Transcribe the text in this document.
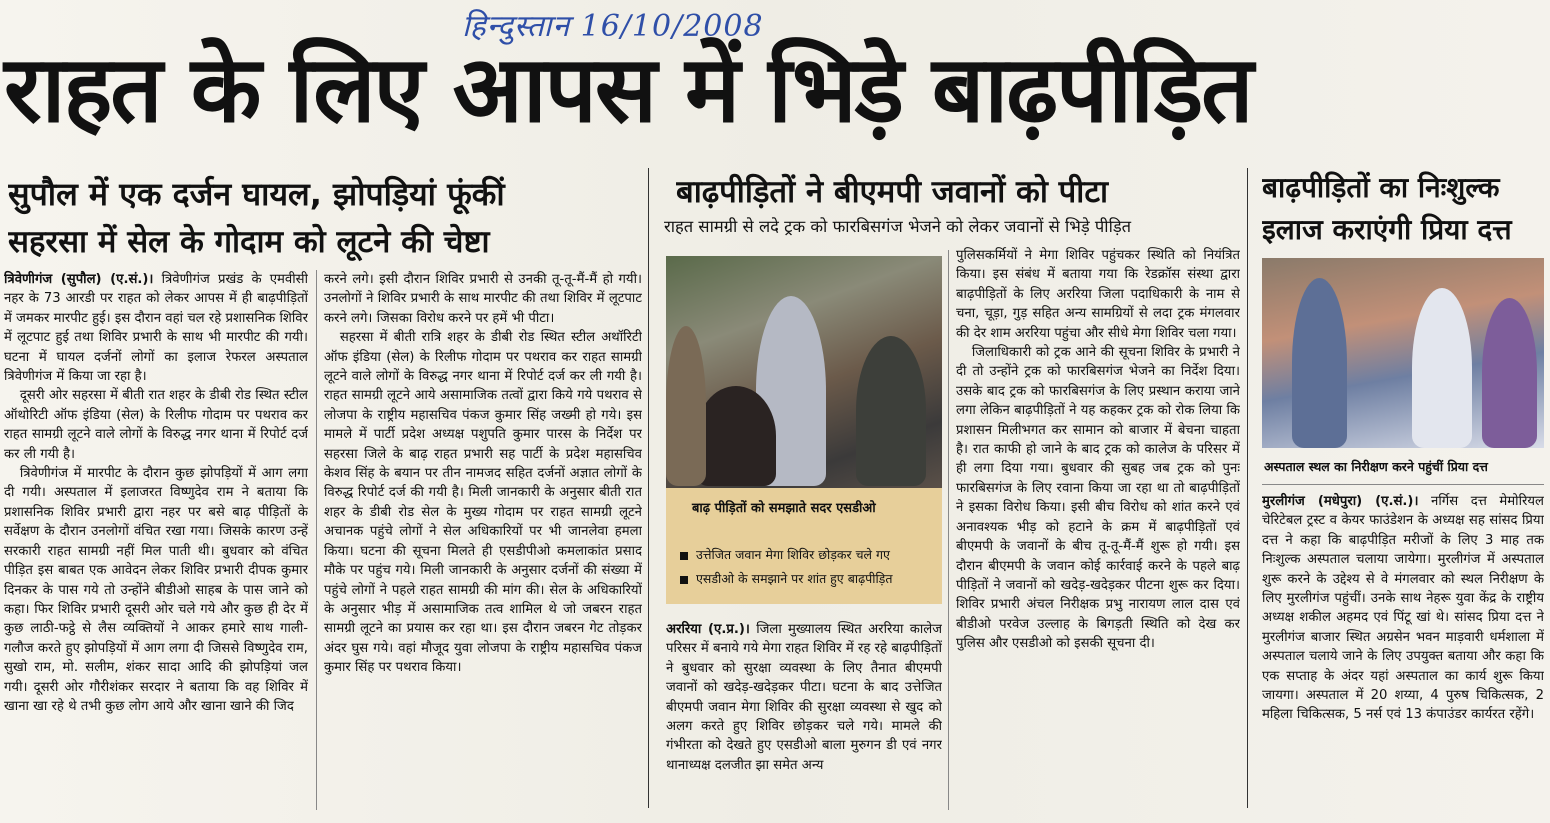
हिन्दुस्तान 16/10/2008
राहत के लिए आपस में भिड़े बाढ़पीड़ित
सुपौल में एक दर्जन घायल, झोपड़ियां फूंकीं
सहरसा में सेल के गोदाम को लूटने की चेष्टा

त्रिवेणीगंज (सुपौल) (ए.सं.)। त्रिवेणीगंज प्रखंड के एमवीसी नहर के 73 आरडी पर राहत को लेकर आपस में ही बाढ़पीड़ितों में जमकर मारपीट हुई। इस दौरान वहां चल रहे प्रशासनिक शिविर में लूटपाट हुई तथा शिविर प्रभारी के साथ भी मारपीट की गयी। घटना में घायल दर्जनों लोगों का इलाज रेफरल अस्पताल त्रिवेणीगंज में किया जा रहा है।

दूसरी ओर सहरसा में बीती रात शहर के डीबी रोड स्थित स्टील ऑथोरिटी ऑफ इंडिया (सेल) के रिलीफ गोदाम पर पथराव कर राहत सामग्री लूटने वाले लोगों के विरुद्ध नगर थाना में रिपोर्ट दर्ज कर ली गयी है।

त्रिवेणीगंज में मारपीट के दौरान कुछ झोपड़ियों में आग लगा दी गयी। अस्पताल में इलाजरत विष्णुदेव राम ने बताया कि प्रशासनिक शिविर प्रभारी द्वारा नहर पर बसे बाढ़ पीड़ितों के सर्वेक्षण के दौरान उनलोगों वंचित रखा गया। जिसके कारण उन्हें सरकारी राहत सामग्री नहीं मिल पाती थी। बुधवार को वंचित पीड़ित इस बाबत एक आवेदन लेकर शिविर प्रभारी दीपक कुमार दिनकर के पास गये तो उन्होंने बीडीओ साहब के पास जाने को कहा। फिर शिविर प्रभारी दूसरी ओर चले गये और कुछ ही देर में कुछ लाठी-फट्ठे से लैस व्यक्तियों ने आकर हमारे साथ गाली-गलौज करते हुए झोपड़ियों में आग लगा दी जिससे विष्णुदेव राम, सुखो राम, मो. सलीम, शंकर सादा आदि की झोपड़ियां जल गयी। दूसरी ओर गौरीशंकर सरदार ने बताया कि वह शिविर में खाना खा रहे थे तभी कुछ लोग आये और खाना खाने की जिद

करने लगे। इसी दौरान शिविर प्रभारी से उनकी तू-तू-मैं-मैं हो गयी। उनलोगों ने शिविर प्रभारी के साथ मारपीट की तथा शिविर में लूटपाट करने लगे। जिसका विरोध करने पर हमें भी पीटा।

सहरसा में बीती रात्रि शहर के डीबी रोड स्थित स्टील अथॉरिटी ऑफ इंडिया (सेल) के रिलीफ गोदाम पर पथराव कर राहत सामग्री लूटने वाले लोगों के विरुद्ध नगर थाना में रिपोर्ट दर्ज कर ली गयी है। राहत सामग्री लूटने आये असामाजिक तत्वों द्वारा किये गये पथराव से लोजपा के राष्ट्रीय महासचिव पंकज कुमार सिंह जख्मी हो गये। इस मामले में पार्टी प्रदेश अध्यक्ष पशुपति कुमार पारस के निर्देश पर सहरसा जिले के बाढ़ राहत प्रभारी सह पार्टी के प्रदेश महासचिव केशव सिंह के बयान पर तीन नामजद सहित दर्जनों अज्ञात लोगों के विरुद्ध रिपोर्ट दर्ज की गयी है। मिली जानकारी के अनुसार बीती रात शहर के डीबी रोड सेल के मुख्य गोदाम पर राहत सामग्री लूटने अचानक पहुंचे लोगों ने सेल अधिकारियों पर भी जानलेवा हमला किया। घटना की सूचना मिलते ही एसडीपीओ कमलाकांत प्रसाद मौके पर पहुंच गये। मिली जानकारी के अनुसार दर्जनों की संख्या में पहुंचे लोगों ने पहले राहत सामग्री की मांग की। सेल के अधिकारियों के अनुसार भीड़ में असामाजिक तत्व शामिल थे जो जबरन राहत सामग्री लूटने का प्रयास कर रहा था। इस दौरान जबरन गेट तोड़कर अंदर घुस गये। वहां मौजूद युवा लोजपा के राष्ट्रीय महासचिव पंकज कुमार सिंह पर पथराव किया।

बाढ़पीड़ितों ने बीएमपी जवानों को पीटा
राहत सामग्री से लदे ट्रक को फारबिसगंज भेजने को लेकर जवानों से भिड़े पीड़ित
बाढ़ पीड़ितों को समझाते सदर एसडीओ
उत्तेजित जवान मेगा शिविर छोड़कर चले गए
एसडीओ के समझाने पर शांत हुए बाढ़पीड़ित

अररिया (ए.प्र.)। जिला मुख्यालय स्थित अररिया कालेज परिसर में बनाये गये मेगा राहत शिविर में रह रहे बाढ़पीड़ितों ने बुधवार को सुरक्षा व्यवस्था के लिए तैनात बीएमपी जवानों को खदेड़-खदेड़कर पीटा। घटना के बाद उत्तेजित बीएमपी जवान मेगा शिविर की सुरक्षा व्यवस्था से खुद को अलग करते हुए शिविर छोड़कर चले गये। मामले की गंभीरता को देखते हुए एसडीओ बाला मुरुगन डी एवं नगर थानाध्यक्ष दलजीत झा समेत अन्य

पुलिसकर्मियों ने मेगा शिविर पहुंचकर स्थिति को नियंत्रित किया। इस संबंध में बताया गया कि रेडक्रॉस संस्था द्वारा बाढ़पीड़ितों के लिए अररिया जिला पदाधिकारी के नाम से चना, चूड़ा, गुड़ सहित अन्य सामग्रियों से लदा ट्रक मंगलवार की देर शाम अररिया पहुंचा और सीधे मेगा शिविर चला गया।

जिलाधिकारी को ट्रक आने की सूचना शिविर के प्रभारी ने दी तो उन्होंने ट्रक को फारबिसगंज भेजने का निर्देश दिया। उसके बाद ट्रक को फारबिसगंज के लिए प्रस्थान कराया जाने लगा लेकिन बाढ़पीड़ितों ने यह कहकर ट्रक को रोक लिया कि प्रशासन मिलीभगत कर सामान को बाजार में बेचना चाहता है। रात काफी हो जाने के बाद ट्रक को कालेज के परिसर में ही लगा दिया गया। बुधवार की सुबह जब ट्रक को पुनः फारबिसगंज के लिए रवाना किया जा रहा था तो बाढ़पीड़ितों ने इसका विरोध किया। इसी बीच विरोध को शांत करने एवं अनावश्यक भीड़ को हटाने के क्रम में बाढ़पीड़ितों एवं बीएमपी के जवानों के बीच तू-तू-मैं-मैं शुरू हो गयी। इस दौरान बीएमपी के जवान कोई कार्रवाई करने के पहले बाढ़ पीड़ितों ने जवानों को खदेड़-खदेड़कर पीटना शुरू कर दिया। शिविर प्रभारी अंचल निरीक्षक प्रभु नारायण लाल दास एवं बीडीओ परवेज उल्लाह के बिगड़ती स्थिति को देख कर पुलिस और एसडीओ को इसकी सूचना दी।

बाढ़पीड़ितों का निःशुल्क
इलाज कराएंगी प्रिया दत्त
अस्पताल स्थल का निरीक्षण करने पहुंचीं प्रिया दत्त

मुरलीगंज (मधेपुरा) (ए.सं.)। नर्गिस दत्त मेमोरियल चेरिटेबल ट्रस्ट व केयर फाउंडेशन के अध्यक्ष सह सांसद प्रिया दत्त ने कहा कि बाढ़पीड़ित मरीजों के लिए 3 माह तक निःशुल्क अस्पताल चलाया जायेगा। मुरलीगंज में अस्पताल शुरू करने के उद्देश्य से वे मंगलवार को स्थल निरीक्षण के लिए मुरलीगंज पहुंचीं। उनके साथ नेहरू युवा केंद्र के राष्ट्रीय अध्यक्ष शकील अहमद एवं पिंटू खां थे। सांसद प्रिया दत्त ने मुरलीगंज बाजार स्थित अग्रसेन भवन माड़वारी धर्मशाला में अस्पताल चलाये जाने के लिए उपयुक्त बताया और कहा कि एक सप्ताह के अंदर यहां अस्पताल का कार्य शुरू किया जायगा। अस्पताल में 20 शय्या, 4 पुरुष चिकित्सक, 2 महिला चिकित्सक, 5 नर्स एवं 13 कंपाउंडर कार्यरत रहेंगे।
